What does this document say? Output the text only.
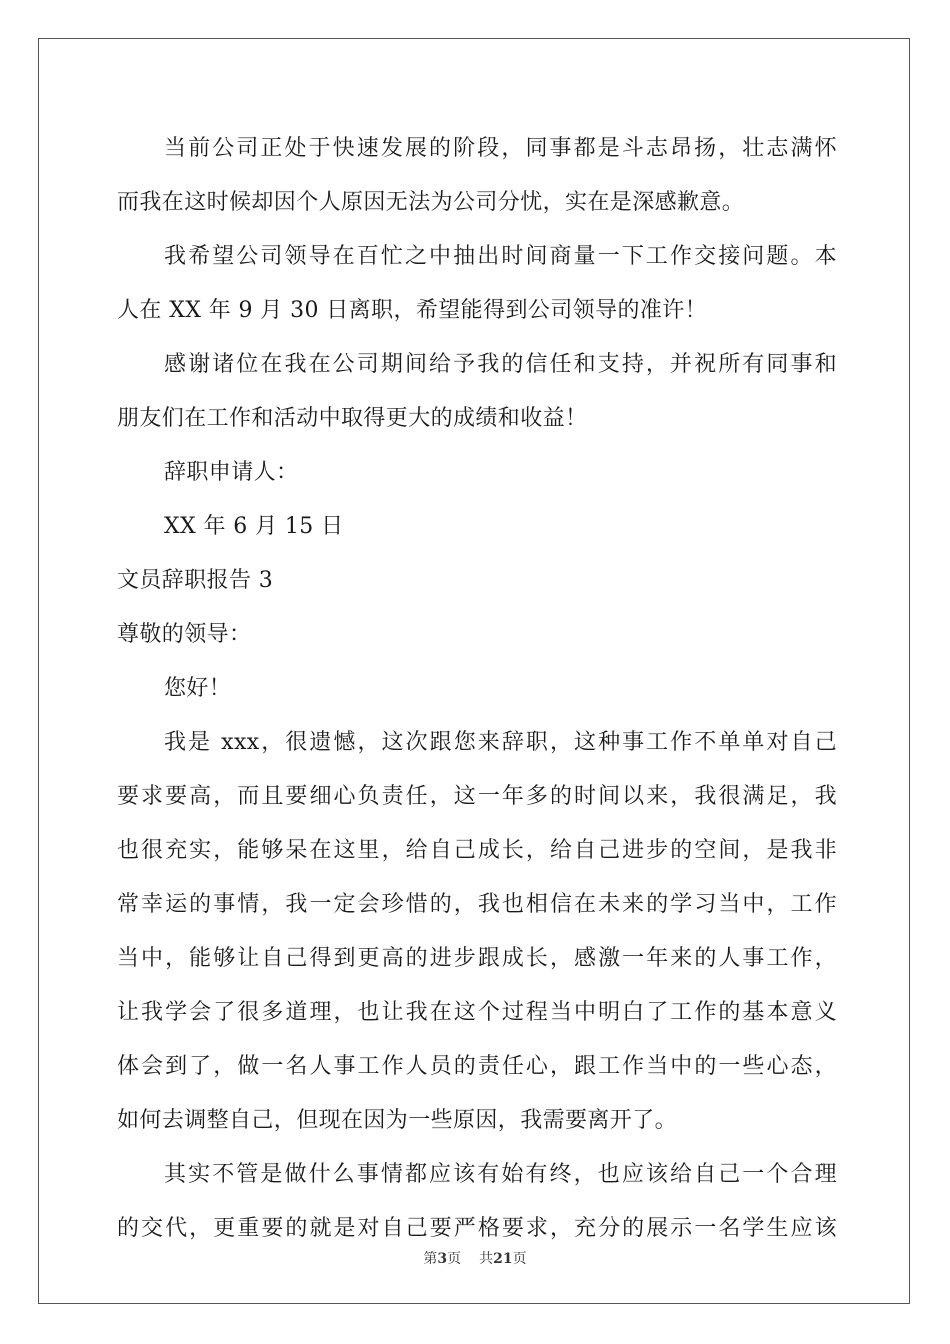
当前公司正处于快速发展的阶段，同事都是斗志昂扬，壮志满怀
而我在这时候却因个人原因无法为公司分忧，实在是深感歉意。
我希望公司领导在百忙之中抽出时间商量一下工作交接问题。本
人在 XX 年 9 月 30 日离职，希望能得到公司领导的准许！
感谢诸位在我在公司期间给予我的信任和支持，并祝所有同事和
朋友们在工作和活动中取得更大的成绩和收益！
辞职申请人：
XX 年 6 月 15 日
文员辞职报告 3
尊敬的领导：
您好！
我是 xxx，很遗憾，这次跟您来辞职，这种事工作不单单对自己
要求要高，而且要细心负责任，这一年多的时间以来，我很满足，我
也很充实，能够呆在这里，给自己成长，给自己进步的空间，是我非
常幸运的事情，我一定会珍惜的，我也相信在未来的学习当中，工作
当中，能够让自己得到更高的进步跟成长，感激一年来的人事工作，
让我学会了很多道理，也让我在这个过程当中明白了工作的基本意义
体会到了，做一名人事工作人员的责任心，跟工作当中的一些心态，
如何去调整自己，但现在因为一些原因，我需要离开了。
其实不管是做什么事情都应该有始有终，也应该给自己一个合理
的交代，更重要的就是对自己要严格要求，充分的展示一名学生应该
第3页 共21页
